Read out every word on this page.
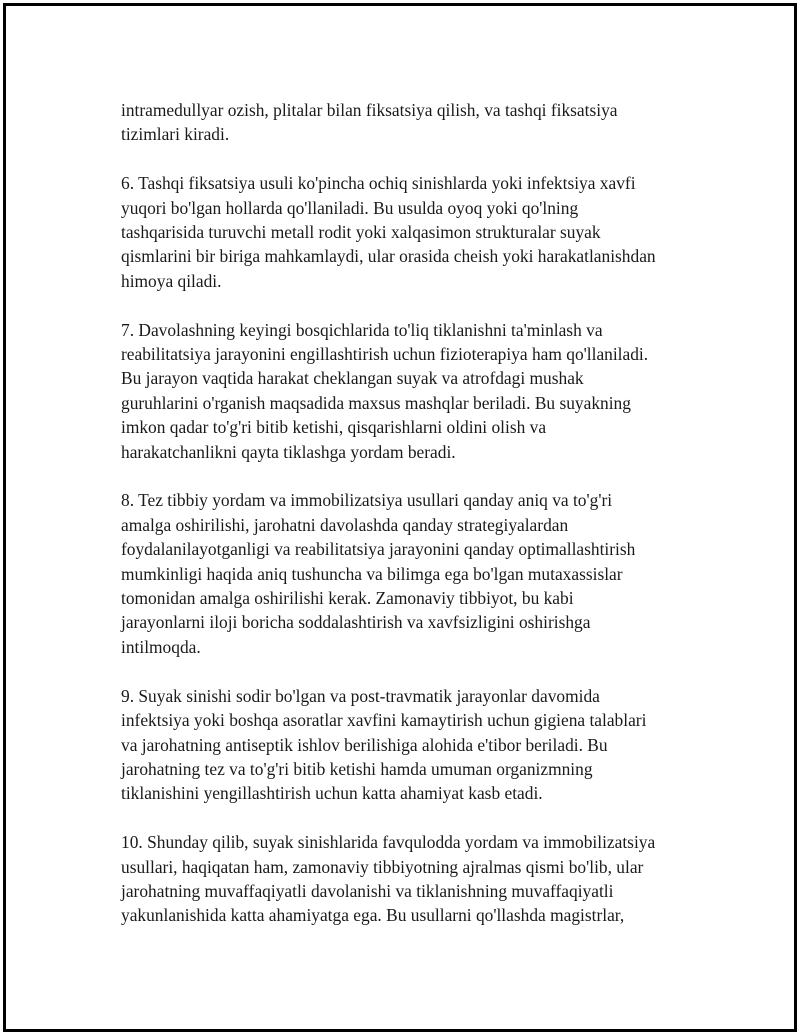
intramedullyar ozish, plitalar bilan fiksatsiya qilish, va tashqi fiksatsiya
tizimlari kiradi.

6. Tashqi fiksatsiya usuli ko'pincha ochiq sinishlarda yoki infektsiya xavfi
yuqori bo'lgan hollarda qo'llaniladi. Bu usulda oyoq yoki qo'lning
tashqarisida turuvchi metall rodit yoki xalqasimon strukturalar suyak
qismlarini bir biriga mahkamlaydi, ular orasida cheish yoki harakatlanishdan
himoya qiladi.

7. Davolashning keyingi bosqichlarida to'liq tiklanishni ta'minlash va
reabilitatsiya jarayonini engillashtirish uchun fizioterapiya ham qo'llaniladi.
Bu jarayon vaqtida harakat cheklangan suyak va atrofdagi mushak
guruhlarini o'rganish maqsadida maxsus mashqlar beriladi. Bu suyakning
imkon qadar to'g'ri bitib ketishi, qisqarishlarni oldini olish va
harakatchanlikni qayta tiklashga yordam beradi.

8. Tez tibbiy yordam va immobilizatsiya usullari qanday aniq va to'g'ri
amalga oshirilishi, jarohatni davolashda qanday strategiyalardan
foydalanilayotganligi va reabilitatsiya jarayonini qanday optimallashtirish
mumkinligi haqida aniq tushuncha va bilimga ega bo'lgan mutaxassislar
tomonidan amalga oshirilishi kerak. Zamonaviy tibbiyot, bu kabi
jarayonlarni iloji boricha soddalashtirish va xavfsizligini oshirishga
intilmoqda.

9. Suyak sinishi sodir bo'lgan va post-travmatik jarayonlar davomida
infektsiya yoki boshqa asoratlar xavfini kamaytirish uchun gigiena talablari
va jarohatning antiseptik ishlov berilishiga alohida e'tibor beriladi. Bu
jarohatning tez va to'g'ri bitib ketishi hamda umuman organizmning
tiklanishini yengillashtirish uchun katta ahamiyat kasb etadi.

10. Shunday qilib, suyak sinishlarida favqulodda yordam va immobilizatsiya
usullari, haqiqatan ham, zamonaviy tibbiyotning ajralmas qismi bo'lib, ular
jarohatning muvaffaqiyatli davolanishi va tiklanishning muvaffaqiyatli
yakunlanishida katta ahamiyatga ega. Bu usullarni qo'llashda magistrlar,
